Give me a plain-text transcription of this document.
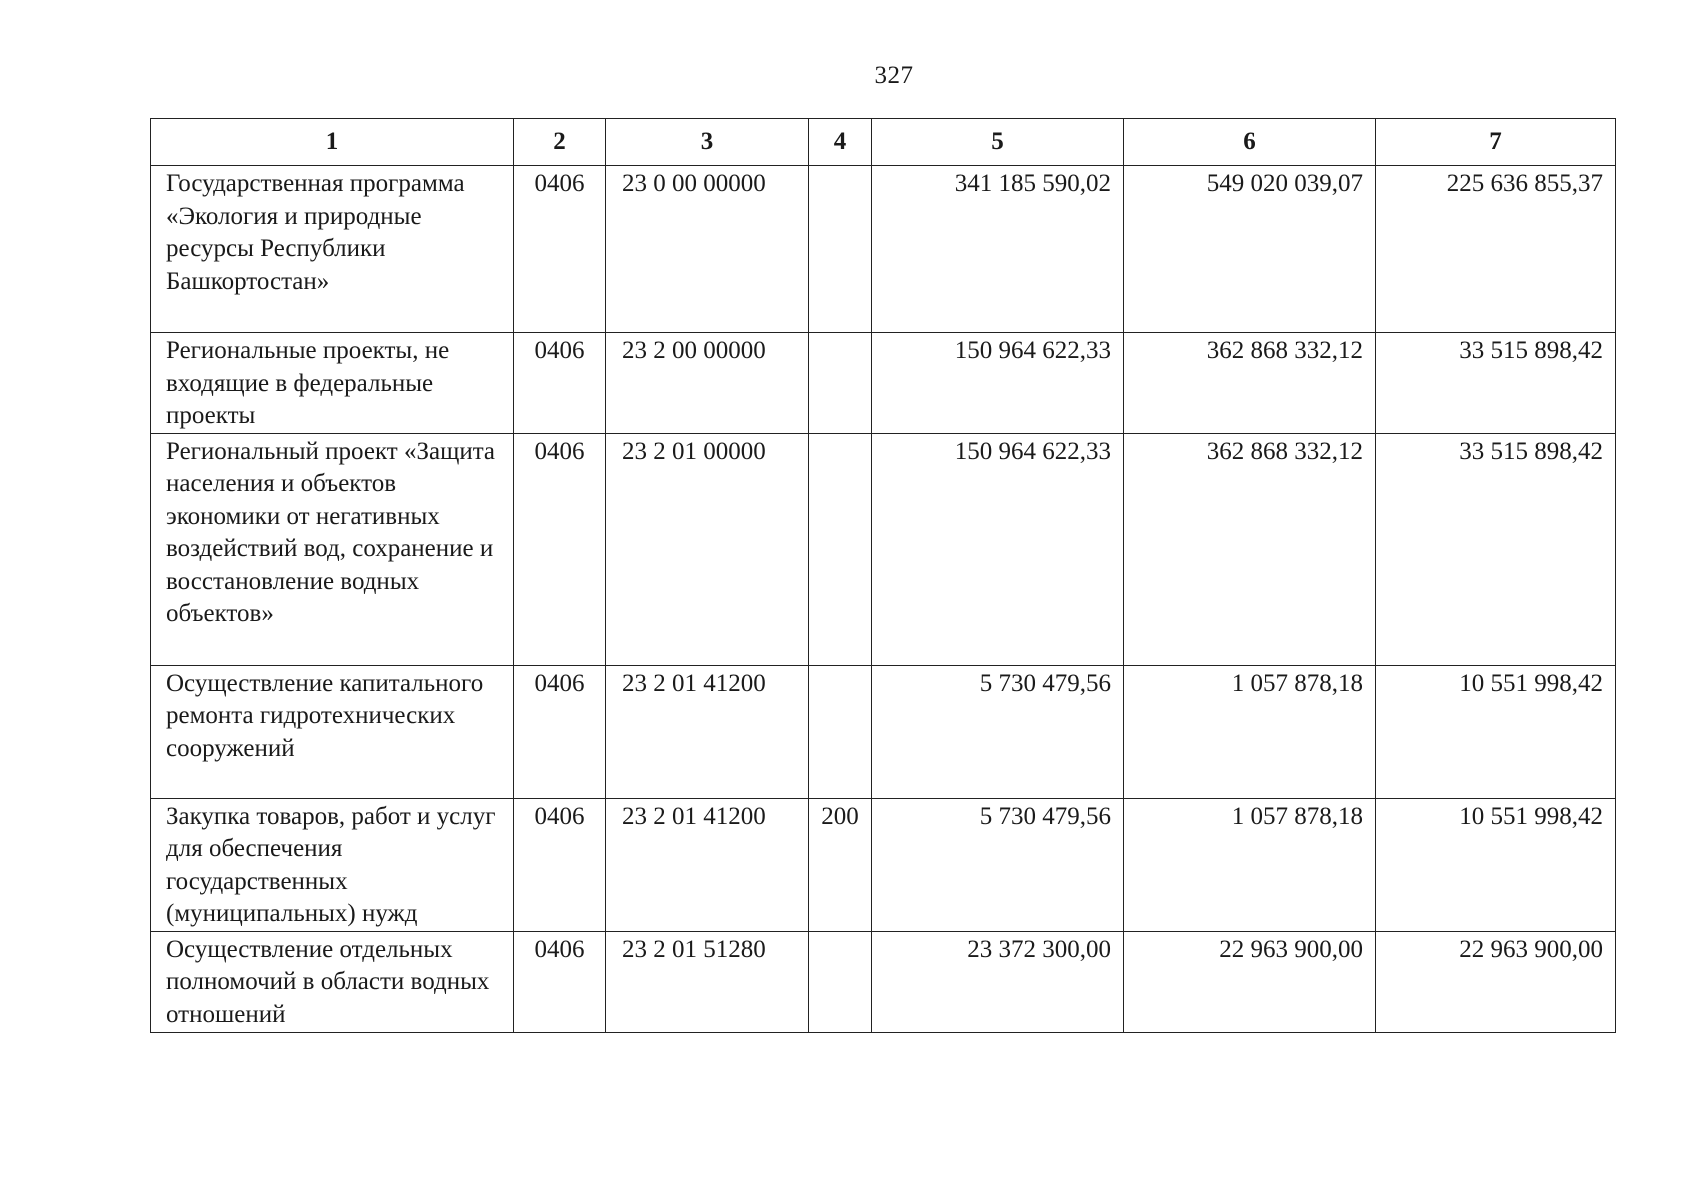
327
1	2	3	4	5	6	7
Государственная программа «Экология и природные ресурсы Республики Башкортостан»	0406	23 0 00 00000		341 185 590,02	549 020 039,07	225 636 855,37
Региональные проекты, не входящие в федеральные проекты	0406	23 2 00 00000		150 964 622,33	362 868 332,12	33 515 898,42
Региональный проект «Защита населения и объектов экономики от негативных воздействий вод, сохранение и восстановление водных объектов»	0406	23 2 01 00000		150 964 622,33	362 868 332,12	33 515 898,42
Осуществление капитального ремонта гидротехнических сооружений	0406	23 2 01 41200		5 730 479,56	1 057 878,18	10 551 998,42
Закупка товаров, работ и услуг для обеспечения государственных (муниципальных) нужд	0406	23 2 01 41200	200	5 730 479,56	1 057 878,18	10 551 998,42
Осуществление отдельных полномочий в области водных отношений	0406	23 2 01 51280		23 372 300,00	22 963 900,00	22 963 900,00
